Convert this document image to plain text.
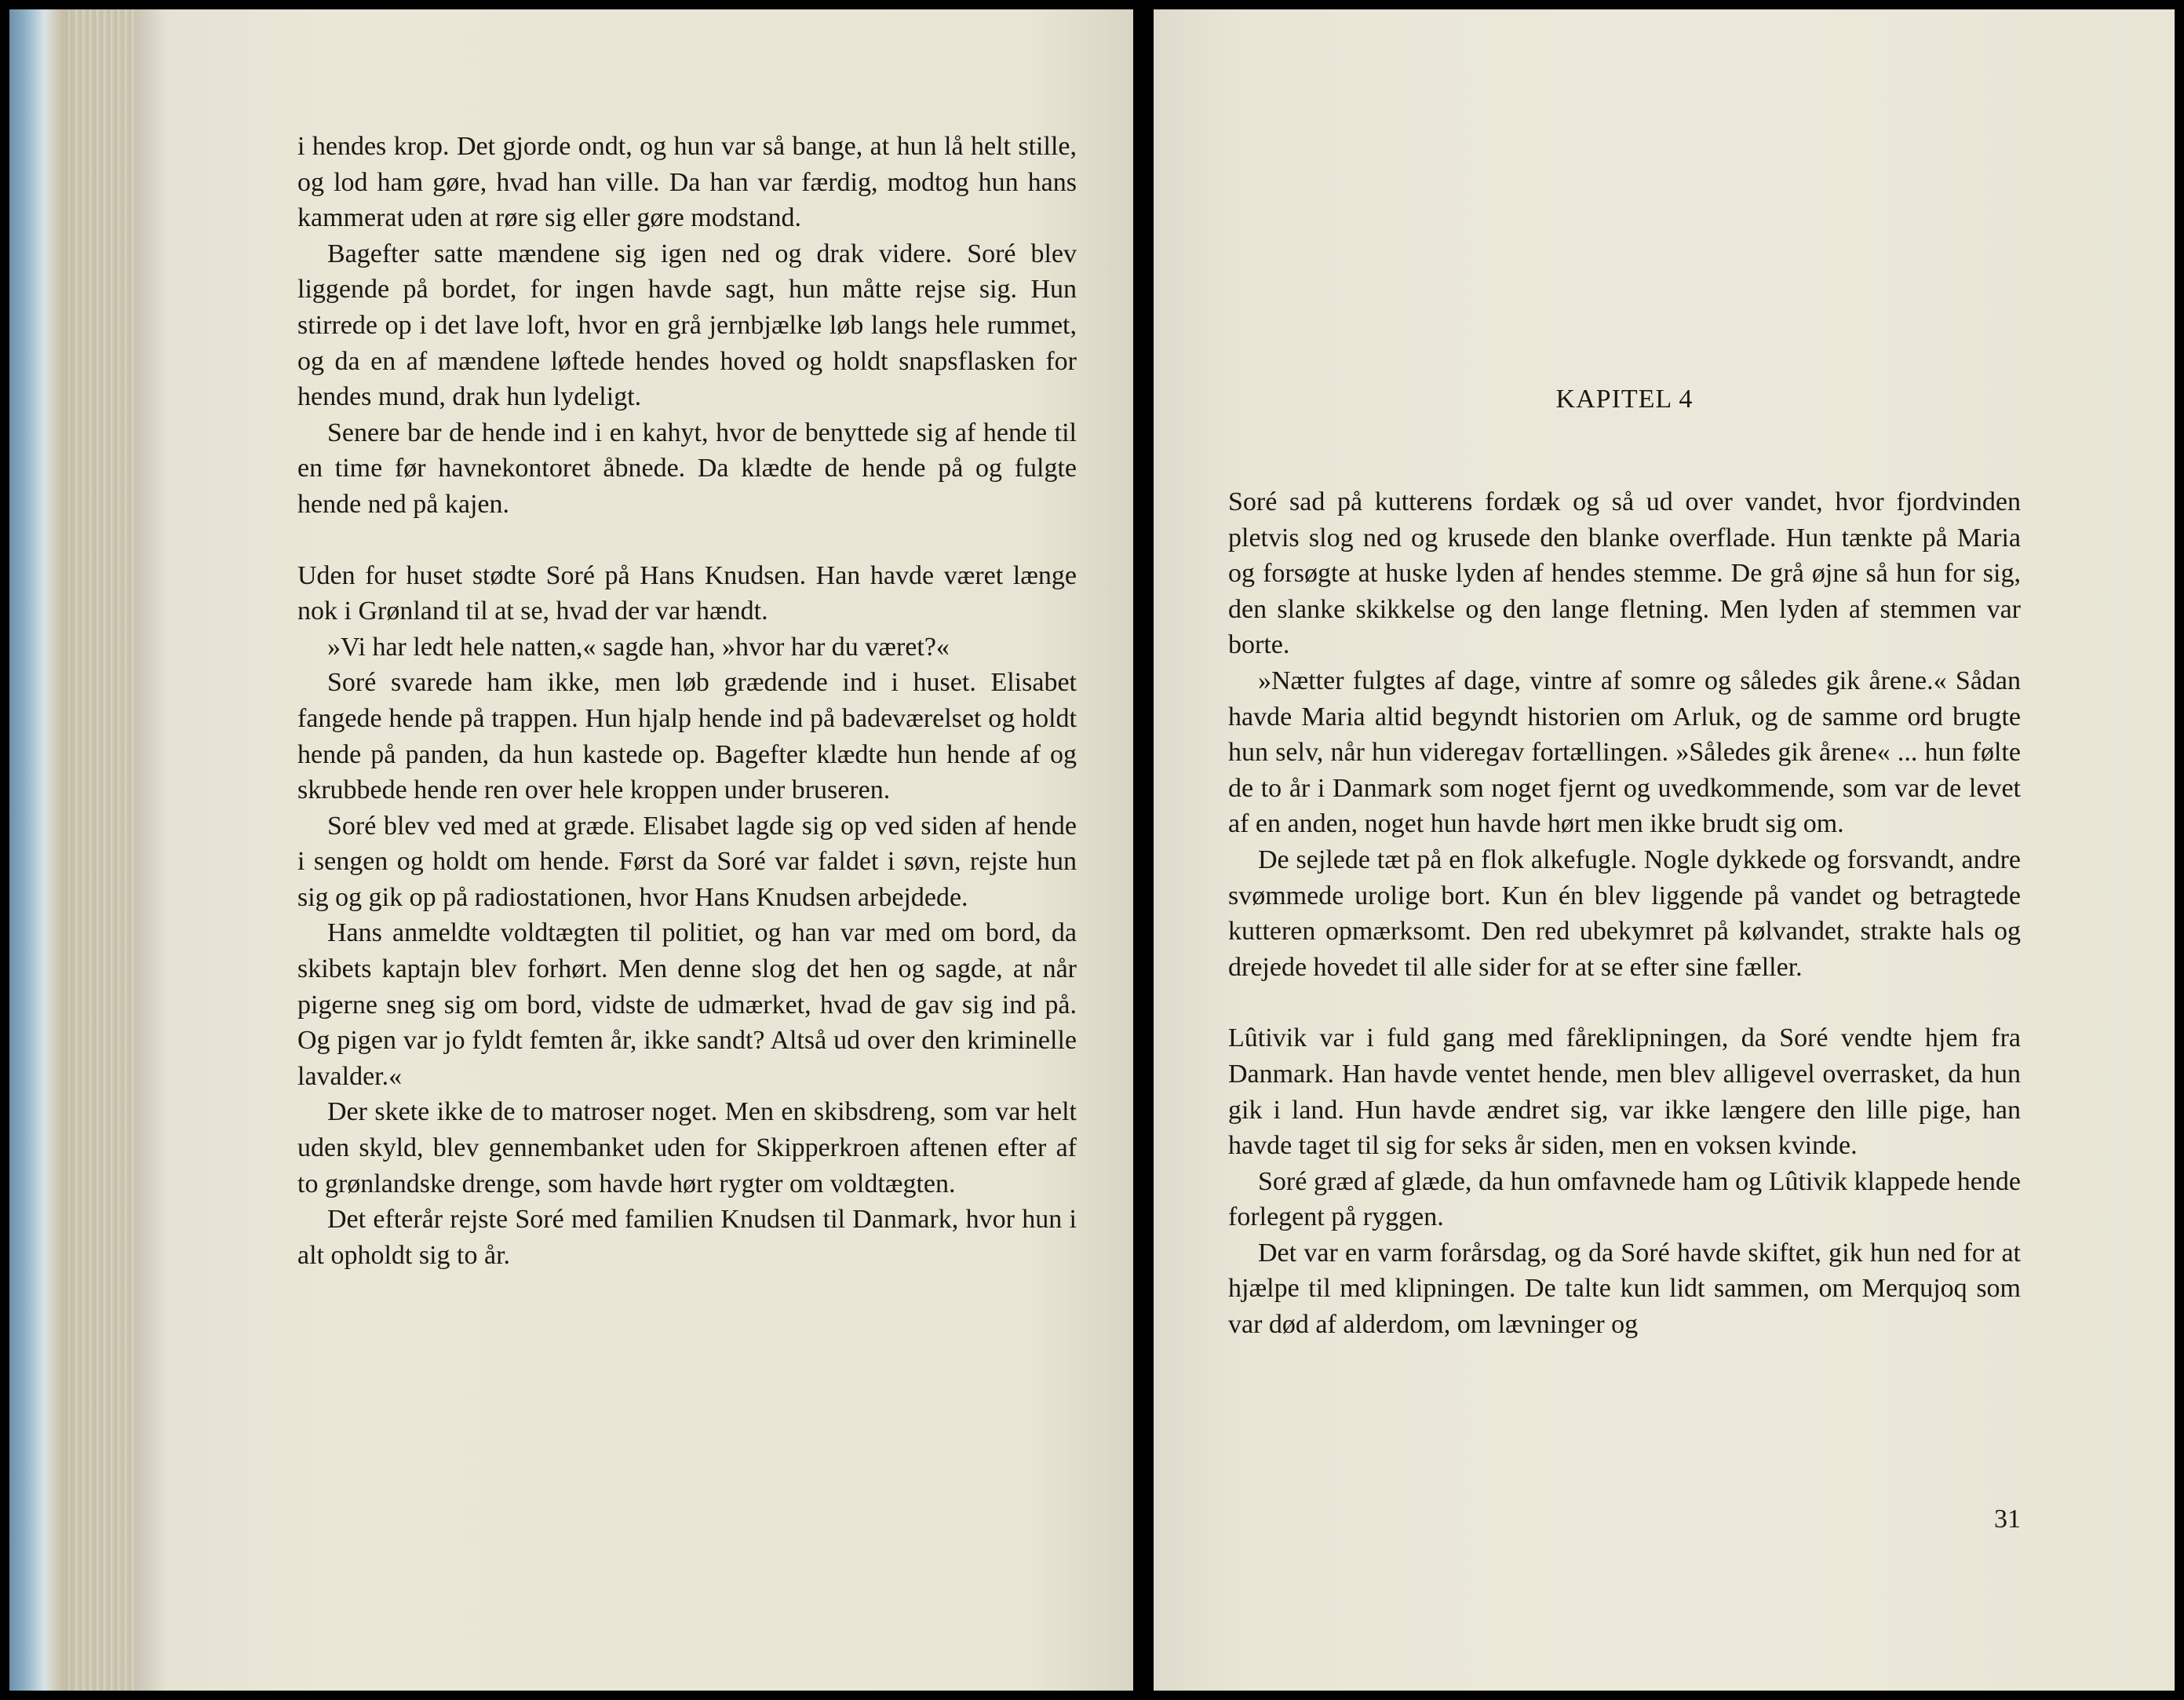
i hendes krop. Det gjorde ondt, og hun var så bange, at hun lå helt stille, og lod ham gøre, hvad han ville. Da han var færdig, modtog hun hans kammerat uden at røre sig eller gøre modstand.

Bagefter satte mændene sig igen ned og drak videre. Soré blev liggende på bordet, for ingen havde sagt, hun måtte rejse sig. Hun stirrede op i det lave loft, hvor en grå jernbjælke løb langs hele rummet, og da en af mændene løftede hendes hoved og holdt snapsflasken for hendes mund, drak hun lydeligt.

Senere bar de hende ind i en kahyt, hvor de benyttede sig af hende til en time før havnekontoret åbnede. Da klædte de hende på og fulgte hende ned på kajen.

Uden for huset stødte Soré på Hans Knudsen. Han havde været længe nok i Grønland til at se, hvad der var hændt.

»Vi har ledt hele natten,« sagde han, »hvor har du været?«

Soré svarede ham ikke, men løb grædende ind i huset. Elisabet fangede hende på trappen. Hun hjalp hende ind på badeværelset og holdt hende på panden, da hun kastede op. Bagefter klædte hun hende af og skrubbede hende ren over hele kroppen under bruseren.

Soré blev ved med at græde. Elisabet lagde sig op ved siden af hende i sengen og holdt om hende. Først da Soré var faldet i søvn, rejste hun sig og gik op på radiostationen, hvor Hans Knudsen arbejdede.

Hans anmeldte voldtægten til politiet, og han var med om bord, da skibets kaptajn blev forhørt. Men denne slog det hen og sagde, at når pigerne sneg sig om bord, vidste de udmærket, hvad de gav sig ind på. Og pigen var jo fyldt femten år, ikke sandt? Altså ud over den kriminelle lavalder.«

Der skete ikke de to matroser noget. Men en skibsdreng, som var helt uden skyld, blev gennembanket uden for Skipperkroen aftenen efter af to grønlandske drenge, som havde hørt rygter om voldtægten.

Det efterår rejste Soré med familien Knudsen til Danmark, hvor hun i alt opholdt sig to år.

KAPITEL 4

Soré sad på kutterens fordæk og så ud over vandet, hvor fjordvinden pletvis slog ned og krusede den blanke overflade. Hun tænkte på Maria og forsøgte at huske lyden af hendes stemme. De grå øjne så hun for sig, den slanke skikkelse og den lange fletning. Men lyden af stemmen var borte.

»Nætter fulgtes af dage, vintre af somre og således gik årene.« Sådan havde Maria altid begyndt historien om Arluk, og de samme ord brugte hun selv, når hun videregav fortællingen. »Således gik årene« ... hun følte de to år i Danmark som noget fjernt og uvedkommende, som var de levet af en anden, noget hun havde hørt men ikke brudt sig om.

De sejlede tæt på en flok alkefugle. Nogle dykkede og forsvandt, andre svømmede urolige bort. Kun én blev liggende på vandet og betragtede kutteren opmærksomt. Den red ubekymret på kølvandet, strakte hals og drejede hovedet til alle sider for at se efter sine fæller.

Lûtivik var i fuld gang med fåreklipningen, da Soré vendte hjem fra Danmark. Han havde ventet hende, men blev alligevel overrasket, da hun gik i land. Hun havde ændret sig, var ikke længere den lille pige, han havde taget til sig for seks år siden, men en voksen kvinde.

Soré græd af glæde, da hun omfavnede ham og Lûtivik klappede hende forlegent på ryggen.

Det var en varm forårsdag, og da Soré havde skiftet, gik hun ned for at hjælpe til med klipningen. De talte kun lidt sammen, om Merqujoq som var død af alderdom, om lævninger og

31
